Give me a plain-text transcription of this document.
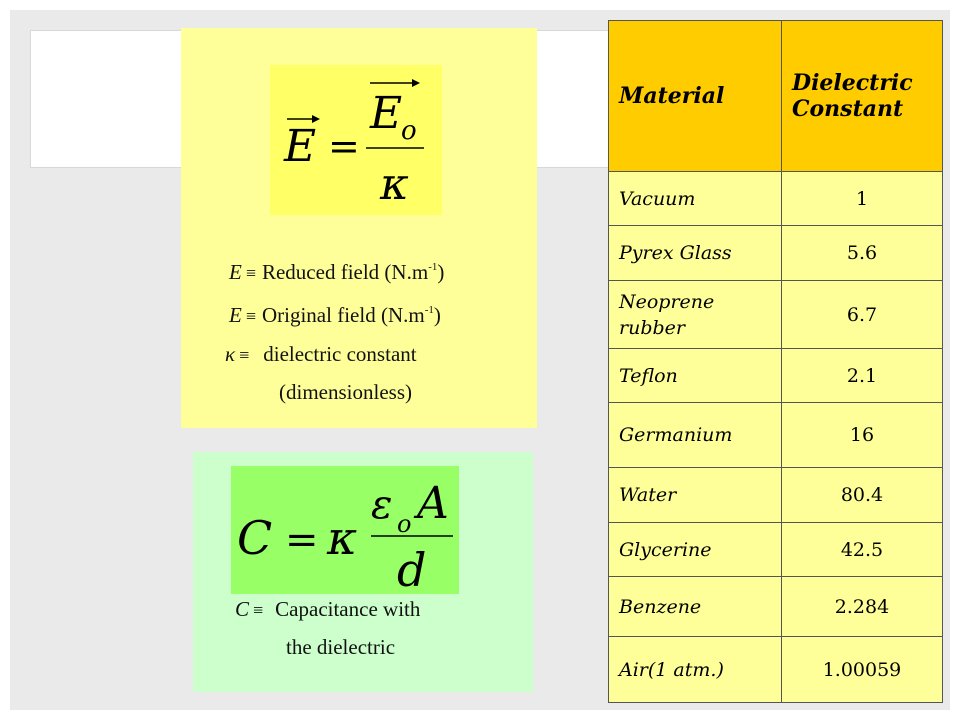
E =
E
o
κ
E ≡ Reduced field $(N.m^{-1})$
E ≡ Original field $(N.m^{-1})$
κ ≡ dielectric constant
(dimensionless)
C = κ
ε o A
d
C ≡ Capacitance with
the dielectric
Material	Dielectric Constant
Vacuum	1
Pyrex Glass	5.6
Neoprene rubber	6.7
Teflon	2.1
Germanium	16
Water	80.4
Glycerine	42.5
Benzene	2.284
Air(1 atm.)	1.00059
